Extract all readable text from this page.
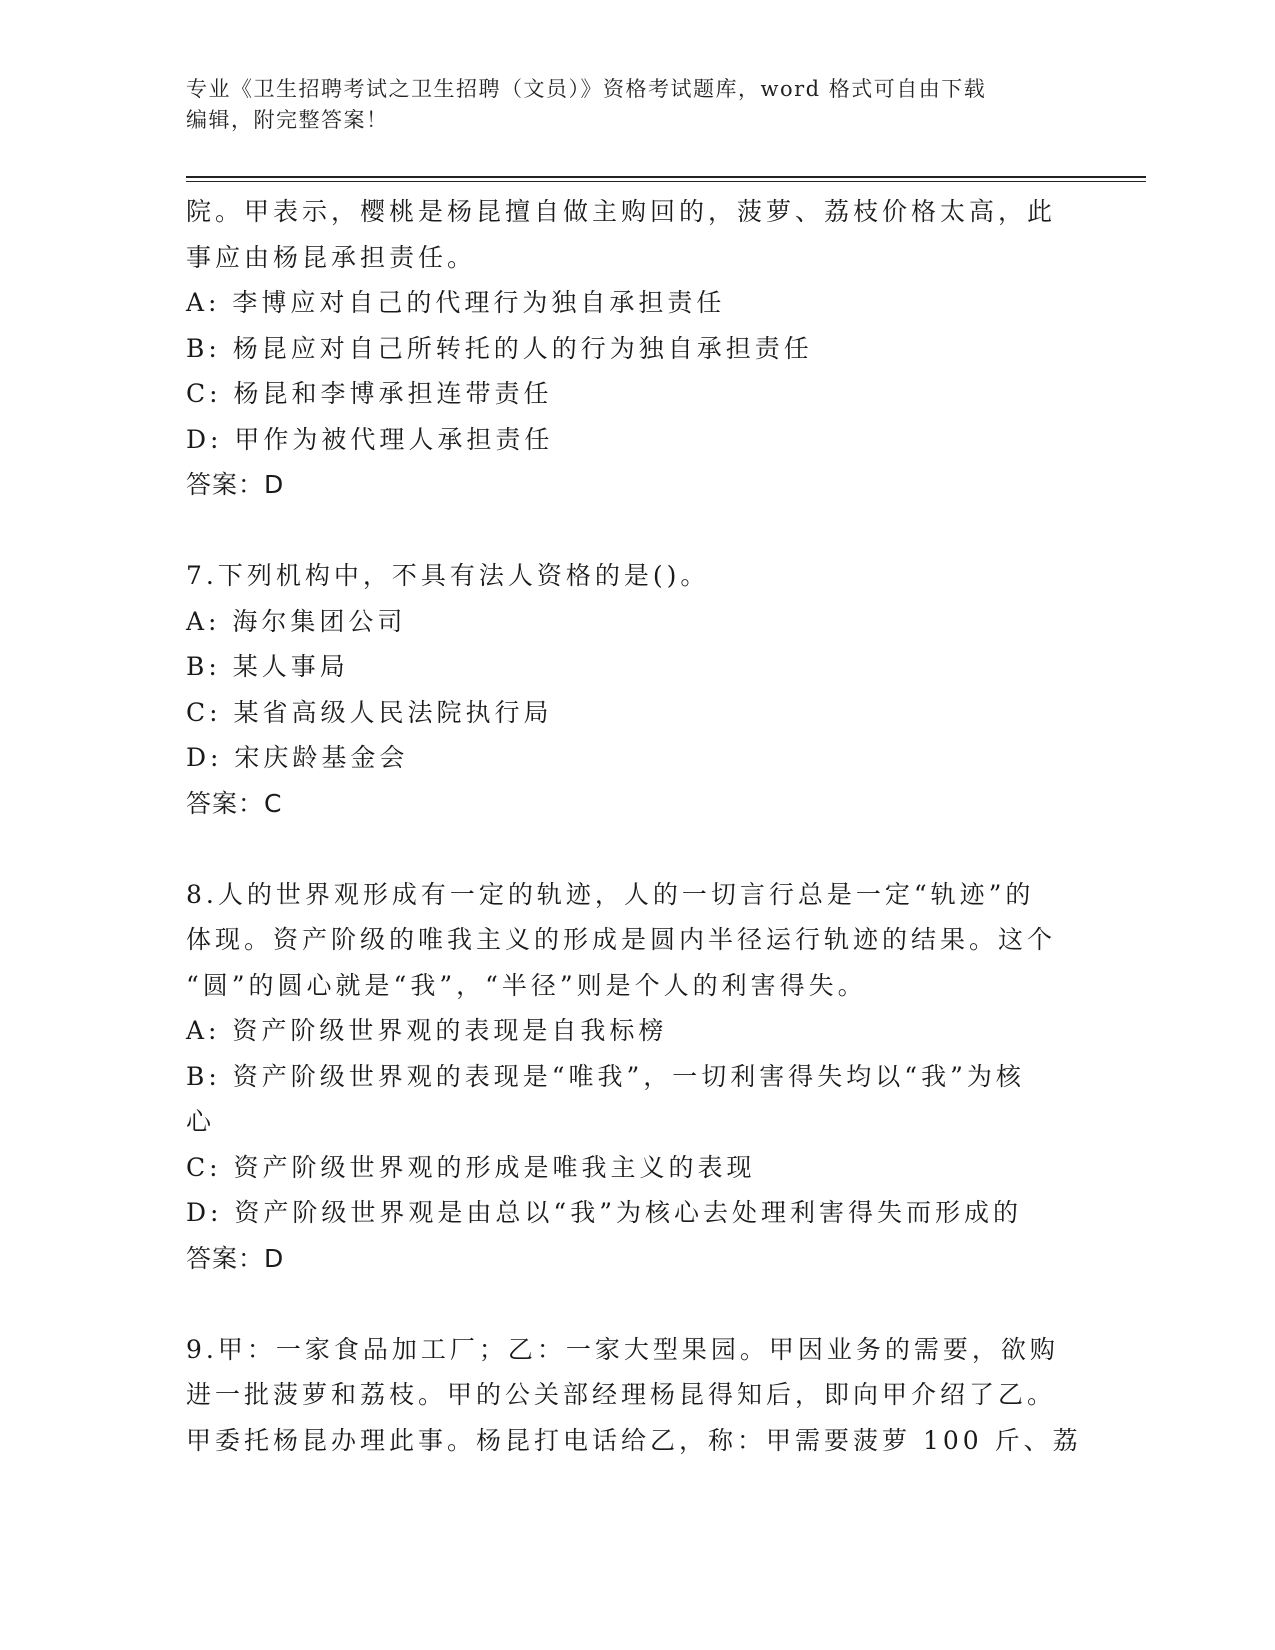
专业《卫生招聘考试之卫生招聘（文员）》资格考试题库，word 格式可自由下载
编辑，附完整答案！
院。甲表示，樱桃是杨昆擅自做主购回的，菠萝、荔枝价格太高，此
事应由杨昆承担责任。
A: 李博应对自己的代理行为独自承担责任
B: 杨昆应对自己所转托的人的行为独自承担责任
C: 杨昆和李博承担连带责任
D: 甲作为被代理人承担责任
答案：D
7.下列机构中，不具有法人资格的是()。
A: 海尔集团公司
B: 某人事局
C: 某省高级人民法院执行局
D: 宋庆龄基金会
答案：C
8.人的世界观形成有一定的轨迹，人的一切言行总是一定“轨迹”的
体现。资产阶级的唯我主义的形成是圆内半径运行轨迹的结果。这个
“圆”的圆心就是“我”，“半径”则是个人的利害得失。
A: 资产阶级世界观的表现是自我标榜
B: 资产阶级世界观的表现是“唯我”，一切利害得失均以“我”为核
心
C: 资产阶级世界观的形成是唯我主义的表现
D: 资产阶级世界观是由总以“我”为核心去处理利害得失而形成的
答案：D
9.甲：一家食品加工厂；乙：一家大型果园。甲因业务的需要，欲购
进一批菠萝和荔枝。甲的公关部经理杨昆得知后，即向甲介绍了乙。
甲委托杨昆办理此事。杨昆打电话给乙，称：甲需要菠萝 100 斤、荔
